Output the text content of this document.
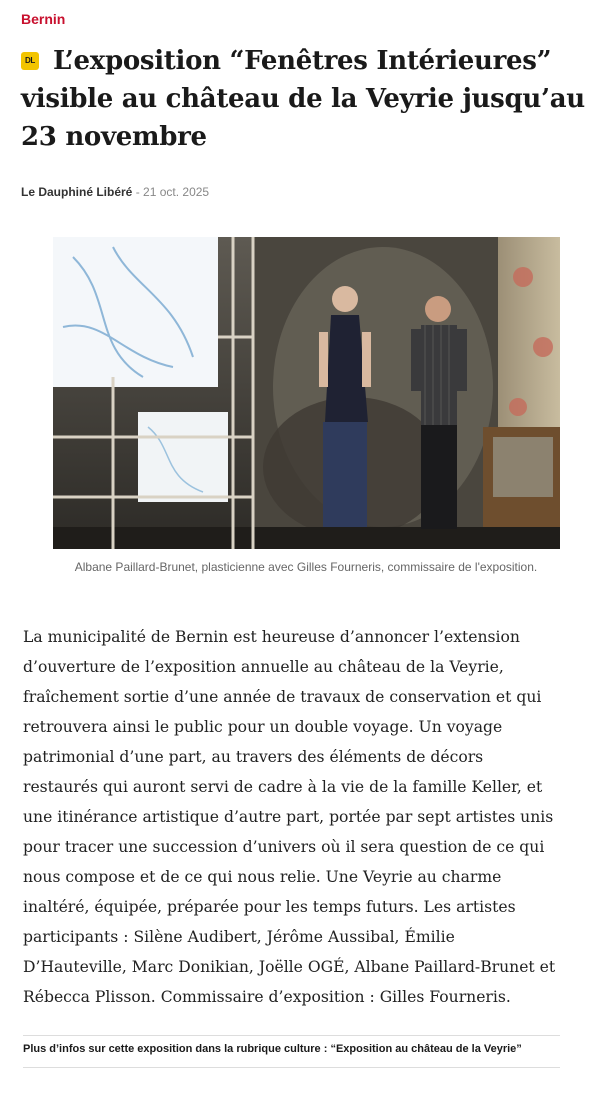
Bernin
DL L’exposition “Fenêtres Intérieures” visible au château de la Veyrie jusqu’au 23 novembre
Le Dauphiné Libéré - 21 oct. 2025
Albane Paillard-Brunet, plasticienne avec Gilles Fourneris, commissaire de l'exposition.

La municipalité de Bernin est heureuse d’annoncer l’extension d’ouverture de l’exposition annuelle au château de la Veyrie, fraîchement sortie d’une année de travaux de conservation et qui retrouvera ainsi le public pour un double voyage. Un voyage patrimonial d’une part, au travers des éléments de décors restaurés qui auront servi de cadre à la vie de la famille Keller, et une itinérance artistique d’autre part, portée par sept artistes unis pour tracer une succession d’univers où il sera question de ce qui nous compose et de ce qui nous relie. Une Veyrie au charme inaltéré, équipée, préparée pour les temps futurs. Les artistes participants : Silène Audibert, Jérôme Aussibal, Émilie D’Hauteville, Marc Donikian, Joëlle OGÉ, Albane Paillard-Brunet et Rébecca Plisson. Commissaire d’exposition : Gilles Fourneris.

Plus d’infos sur cette exposition dans la rubrique culture : “Exposition au château de la Veyrie”
